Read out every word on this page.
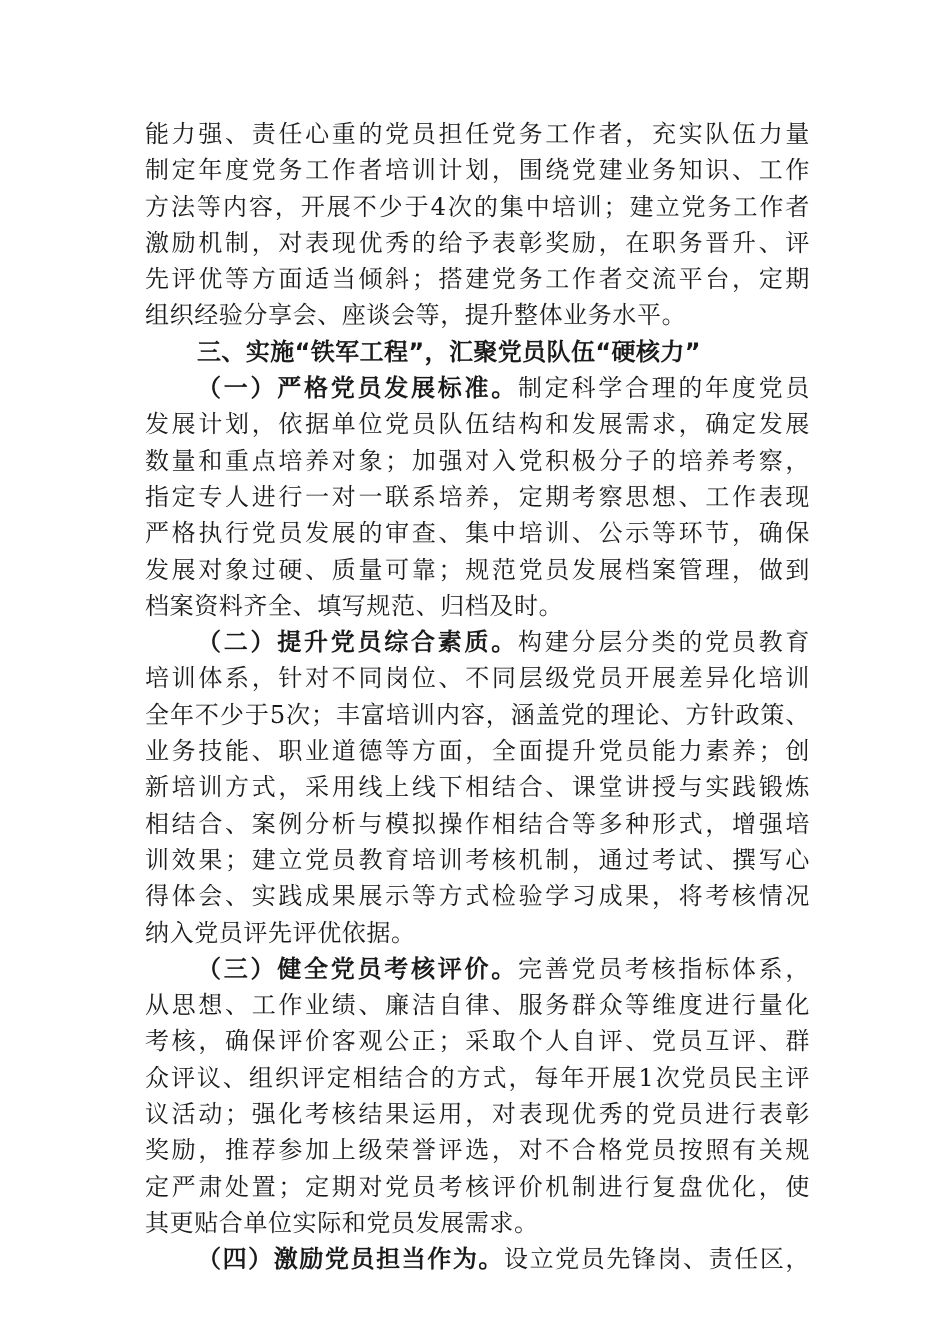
能力强、责任心重的党员担任党务工作者，充实队伍力量
制定年度党务工作者培训计划，围绕党建业务知识、工作
方法等内容，开展不少于4次的集中培训；建立党务工作者
激励机制，对表现优秀的给予表彰奖励，在职务晋升、评
先评优等方面适当倾斜；搭建党务工作者交流平台，定期
组织经验分享会、座谈会等，提升整体业务水平。
三、实施“铁军工程”，汇聚党员队伍“硬核力”
（一）严格党员发展标准。制定科学合理的年度党员
发展计划，依据单位党员队伍结构和发展需求，确定发展
数量和重点培养对象；加强对入党积极分子的培养考察，
指定专人进行一对一联系培养，定期考察思想、工作表现
严格执行党员发展的审查、集中培训、公示等环节，确保
发展对象过硬、质量可靠；规范党员发展档案管理，做到
档案资料齐全、填写规范、归档及时。
（二）提升党员综合素质。构建分层分类的党员教育
培训体系，针对不同岗位、不同层级党员开展差异化培训
全年不少于5次；丰富培训内容，涵盖党的理论、方针政策、
业务技能、职业道德等方面，全面提升党员能力素养；创
新培训方式，采用线上线下相结合、课堂讲授与实践锻炼
相结合、案例分析与模拟操作相结合等多种形式，增强培
训效果；建立党员教育培训考核机制，通过考试、撰写心
得体会、实践成果展示等方式检验学习成果，将考核情况
纳入党员评先评优依据。
（三）健全党员考核评价。完善党员考核指标体系，
从思想、工作业绩、廉洁自律、服务群众等维度进行量化
考核，确保评价客观公正；采取个人自评、党员互评、群
众评议、组织评定相结合的方式，每年开展1次党员民主评
议活动；强化考核结果运用，对表现优秀的党员进行表彰
奖励，推荐参加上级荣誉评选，对不合格党员按照有关规
定严肃处置；定期对党员考核评价机制进行复盘优化，使
其更贴合单位实际和党员发展需求。
（四）激励党员担当作为。设立党员先锋岗、责任区，
